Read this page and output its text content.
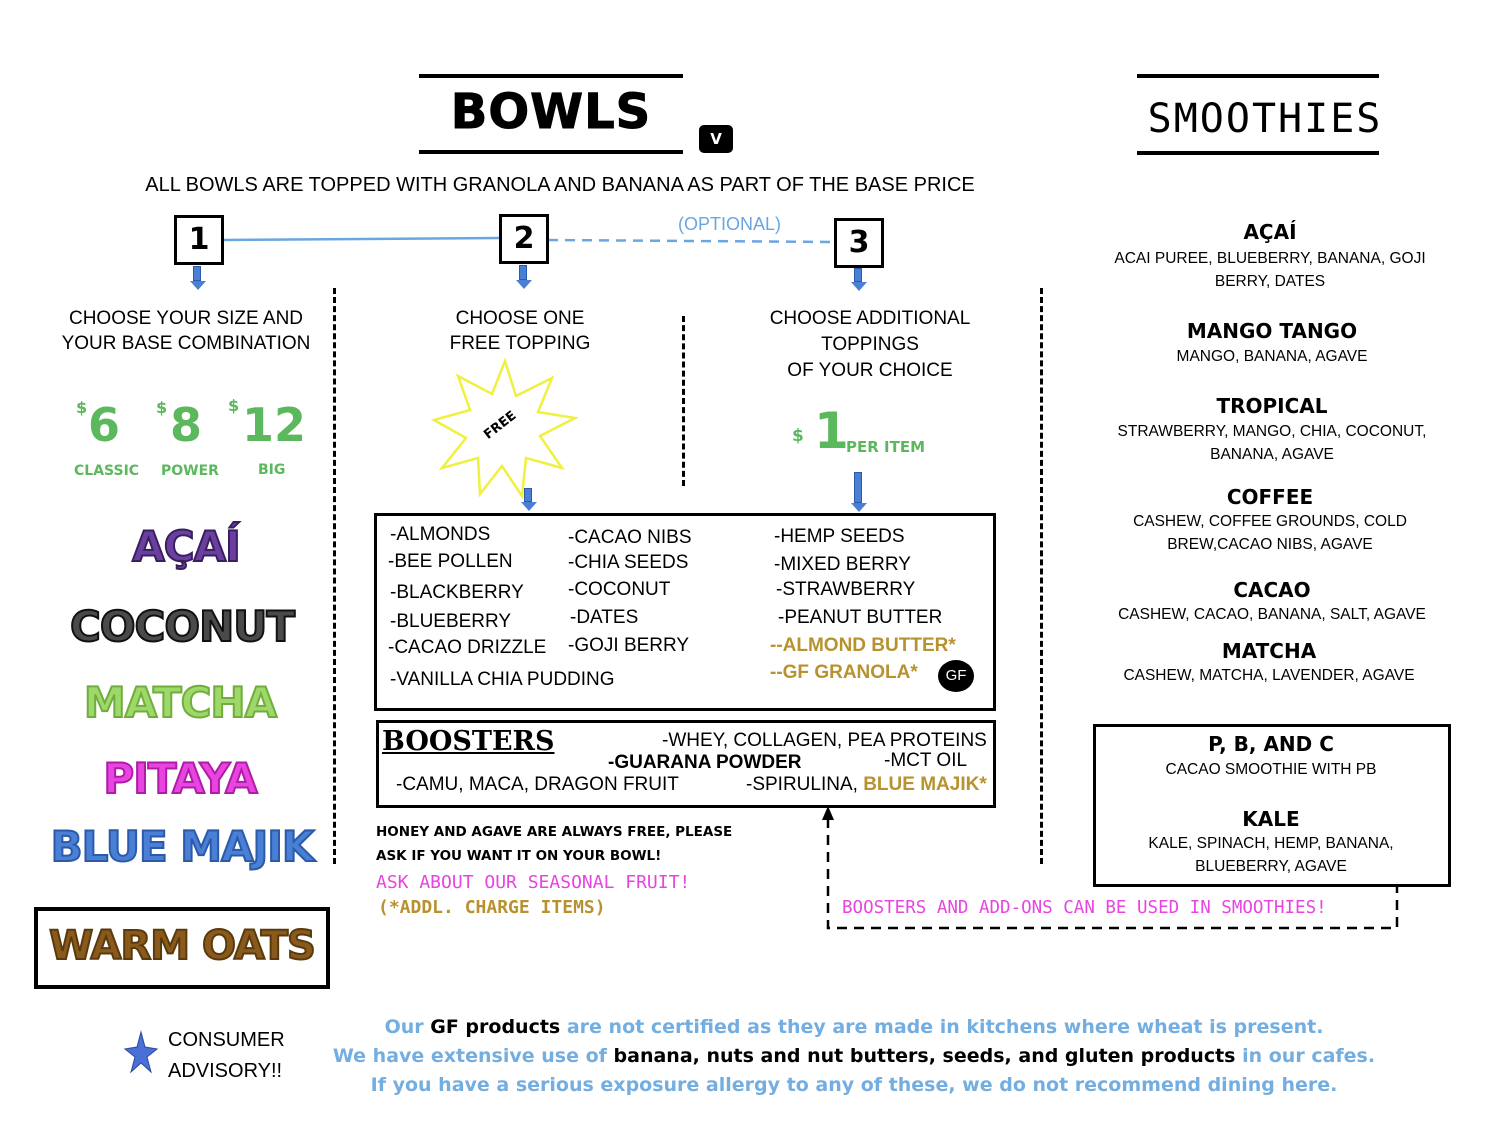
BOWLS	V	SMOOTHIES
ALL BOWLS ARE TOPPED WITH GRANOLA AND BANANA AS PART OF THE BASE PRICE
(OPTIONAL)
1	2	3
CHOOSE YOUR SIZE AND
YOUR BASE COMBINATION
CHOOSE ONE
FREE TOPPING
CHOOSE ADDITIONAL
TOPPINGS
OF YOUR CHOICE
$ 6
CLASSIC
$ 8
POWER
$ 12
BIG
AÇAÍ
COCONUT
MATCHA
PITAYA
BLUE MAJIK
WARM OATS
FREE	$ 1
PER ITEM
-ALMONDS
-BEE POLLEN
-BLACKBERRY
-BLUEBERRY
-CACAO DRIZZLE
-VANILLA CHIA PUDDING
-CACAO NIBS
-CHIA SEEDS
-COCONUT
-DATES
-GOJI BERRY
-HEMP SEEDS
-MIXED BERRY
-STRAWBERRY
-PEANUT BUTTER
--ALMOND BUTTER*
--GF GRANOLA*	GF
BOOSTERS	-WHEY, COLLAGEN, PEA PROTEINS
-GUARANA POWDER	-MCT OIL
-CAMU, MACA, DRAGON FRUIT	-SPIRULINA, BLUE MAJIK*
HONEY AND AGAVE ARE ALWAYS FREE, PLEASE
ASK IF YOU WANT IT ON YOUR BOWL!
ASK ABOUT OUR SEASONAL FRUIT!
(*ADDL. CHARGE ITEMS)	BOOSTERS AND ADD-ONS CAN BE USED IN SMOOTHIES!
AÇAÍ
ACAI PUREE, BLUEBERRY, BANANA, GOJI
BERRY, DATES
MANGO TANGO
MANGO, BANANA, AGAVE
TROPICAL
STRAWBERRY, MANGO, CHIA, COCONUT,
BANANA, AGAVE
COFFEE
CASHEW, COFFEE GROUNDS, COLD
BREW,CACAO NIBS, AGAVE
CACAO
CASHEW, CACAO, BANANA, SALT, AGAVE
MATCHA
CASHEW, MATCHA, LAVENDER, AGAVE
P, B, AND C
CACAO SMOOTHIE WITH PB
KALE
KALE, SPINACH, HEMP, BANANA,
BLUEBERRY, AGAVE
CONSUMER
ADVISORY!!
Our GF products are not certified as they are made in kitchens where wheat is present.
We have extensive use of banana, nuts and nut butters, seeds, and gluten products in our cafes.
If you have a serious exposure allergy to any of these, we do not recommend dining here.
